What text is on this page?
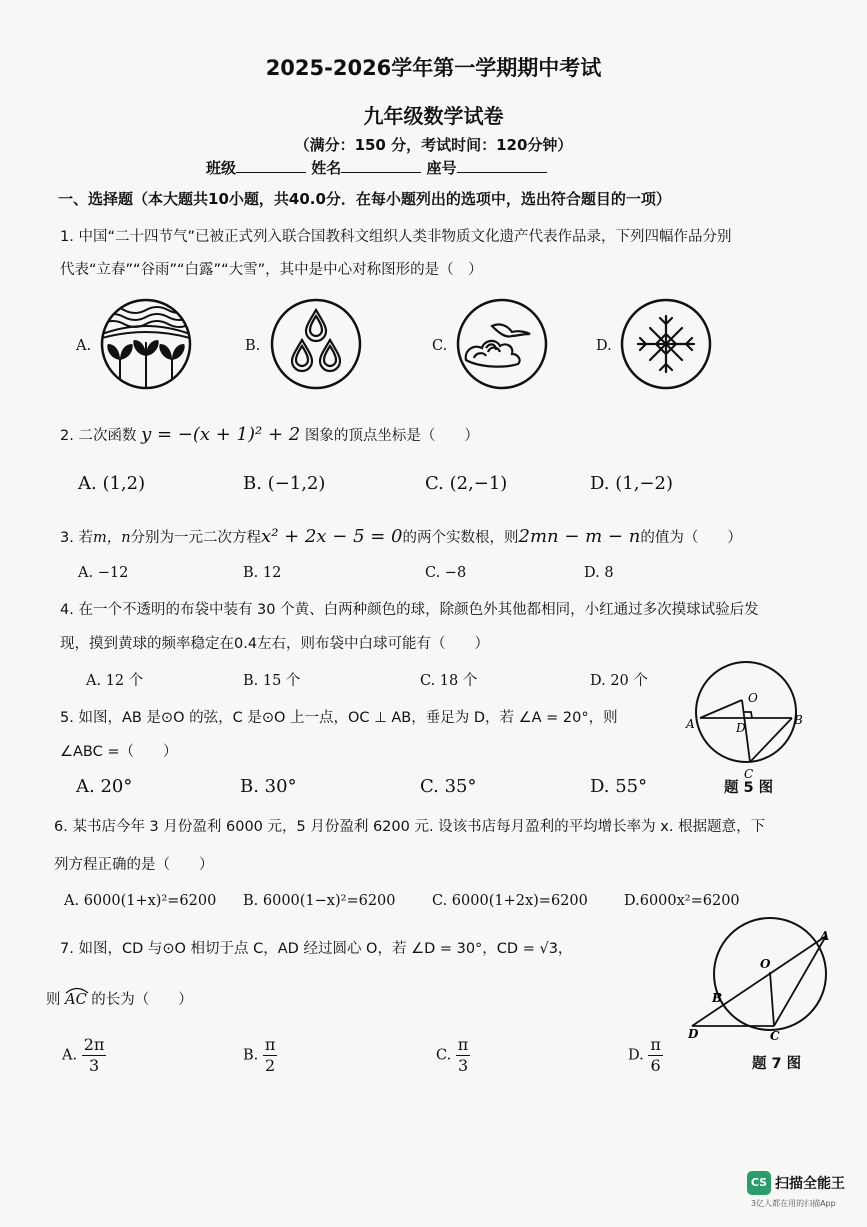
2025-2026学年第一学期期中考试
九年级数学试卷
（满分：150 分，考试时间：120分钟）
班级	姓名	座号
一、选择题（本大题共10小题，共40.0分．在每小题列出的选项中，选出符合题目的一项）
1. 中国“二十四节气”已被正式列入联合国教科文组织人类非物质文化遗产代表作品录，下列四幅作品分别
代表“立春”“谷雨”“白露”“大雪”，其中是中心对称图形的是（　）
A.	B.	C.	D.
2. 二次函数 y = −(x + 1)² + 2 图象的顶点坐标是（　　）
A. (1,2)	B. (−1,2)	C. (2,−1)	D. (1,−2)
3. 若m，n分别为一元二次方程x² + 2x − 5 = 0的两个实数根，则2mn − m − n的值为（　　）
A. −12	B. 12	C. −8	D. 8
4. 在一个不透明的布袋中装有 30 个黄、白两种颜色的球，除颜色外其他都相同，小红通过多次摸球试验后发
现，摸到黄球的频率稳定在0.4左右，则布袋中白球可能有（　　）
A. 12 个	B. 15 个	C. 18 个	D. 20 个
O
A	B
D
C
5. 如图，AB 是⊙O 的弦，C 是⊙O 上一点，OC ⊥ AB，垂足为 D，若 ∠A = 20°，则
∠ABC =（　　）
A. 20°	B. 30°	C. 35°	D. 55°	题 5 图
6. 某书店今年 3 月份盈利 6000 元，5 月份盈利 6200 元. 设该书店每月盈利的平均增长率为 x. 根据题意，下
列方程正确的是（　　）
A. 6000(1+x)²=6200 B. 6000(1−x)²=6200	C. 6000(1+2x)=6200 D.6000x²=6200
A
O
B
D	C
7. 如图，CD 与⊙O 相切于点 C，AD 经过圆心 O，若 ∠D = 30°，CD = √3，
则 AC 的长为（　　）
A. $\frac{2\pi}{3}$	B. $\frac{\pi}{2}$	C. $\frac{\pi}{3}$	D. $\frac{\pi}{6}$	题 7 图
CS 扫描全能王
3亿人都在用的扫描App
